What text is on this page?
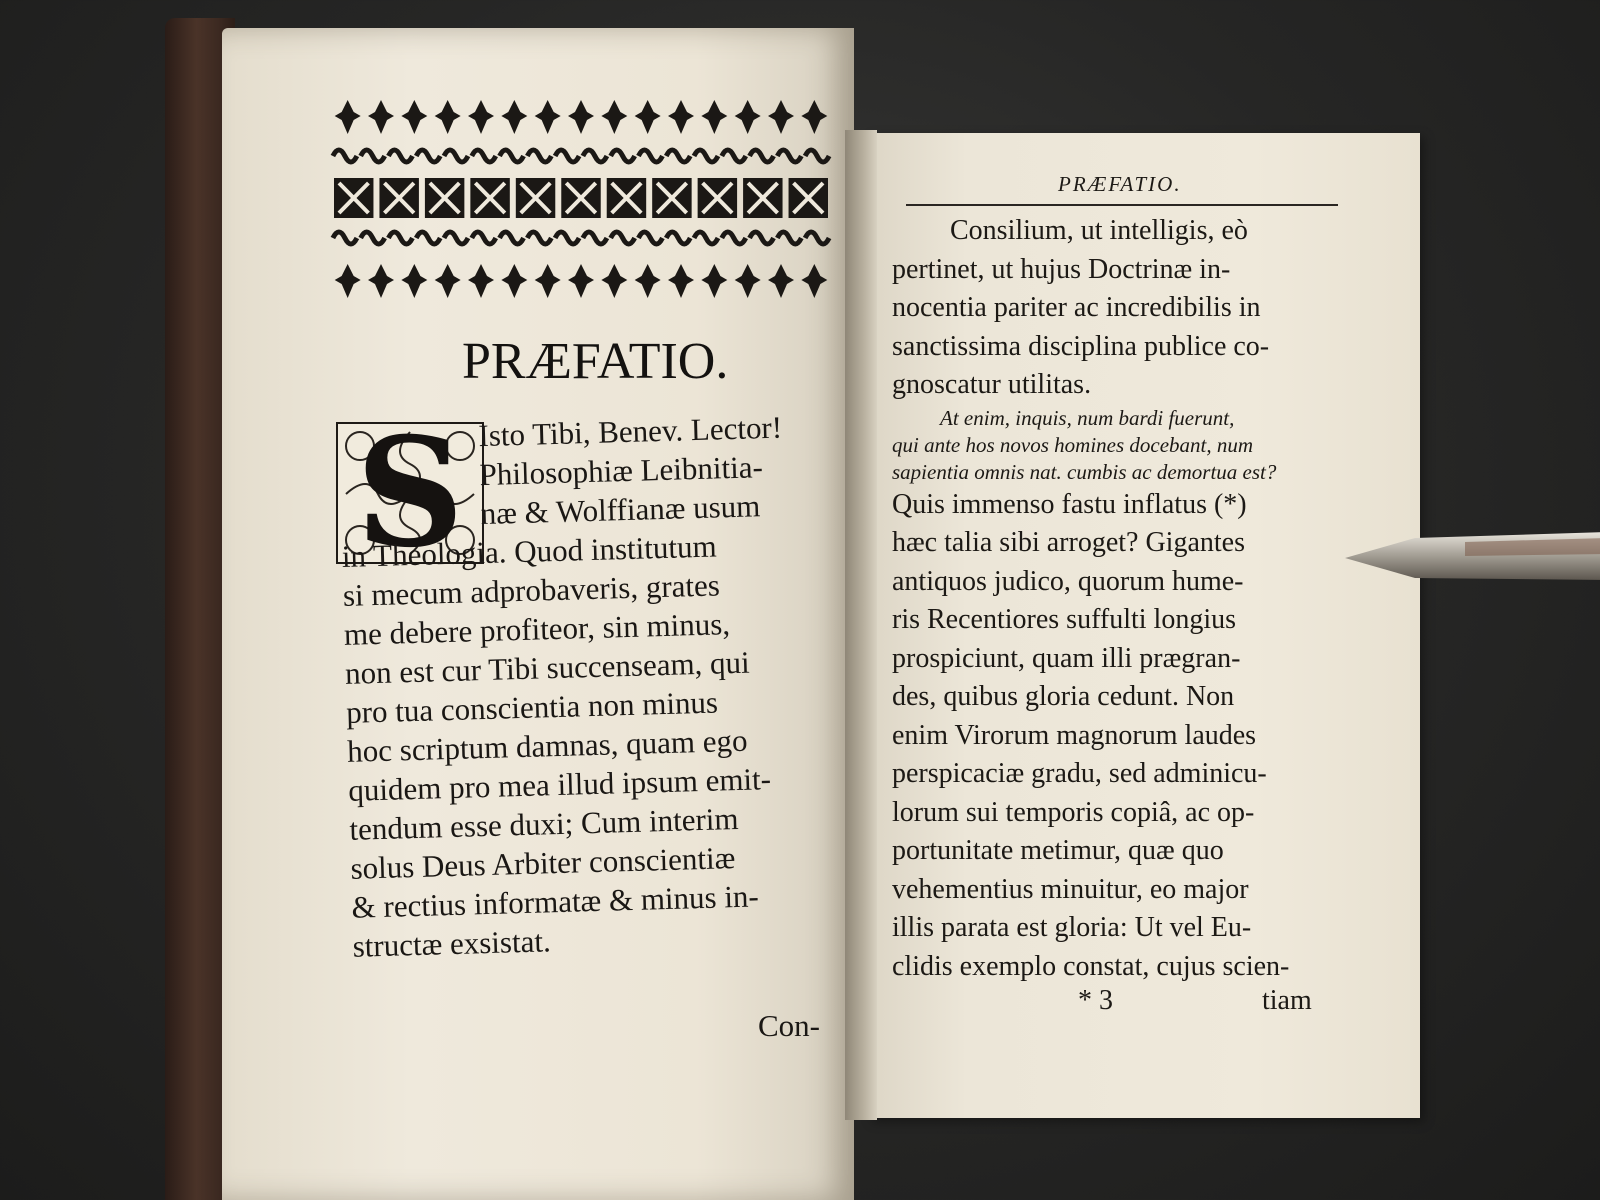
PRÆFATIO.
S Isto Tibi, Benev. Lector!
Philosophiæ Leibnitia-
næ & Wolffianæ usum
in Theologia. Quod institutum
si mecum adprobaveris, grates
me debere profiteor, sin minus,
non est cur Tibi succenseam, qui
pro tua conscientia non minus
hoc scriptum damnas, quam ego
quidem pro mea illud ipsum emit-
tendum esse duxi; Cum interim
solus Deus Arbiter conscientiæ
& rectius informatæ & minus in-
structæ exsistat.
Con-
PRÆFATIO.
Consilium, ut intelligis, eò
pertinet, ut hujus Doctrinæ in-
nocentia pariter ac incredibilis in
sanctissima disciplina publice co-
gnoscatur utilitas.
At enim, inquis, num bardi fuerunt,
qui ante hos novos homines docebant, num
sapientia omnis nat. cumbis ac demortua est?
Quis immenso fastu inflatus (*)
hæc talia sibi arroget? Gigantes
antiquos judico, quorum hume-
ris Recentiores suffulti longius
prospiciunt, quam illi prægran-
des, quibus gloria cedunt. Non
enim Virorum magnorum laudes
perspicaciæ gradu, sed adminicu-
lorum sui temporis copiâ, ac op-
portunitate metimur, quæ quo
vehementius minuitur, eo major
illis parata est gloria: Ut vel Eu-
clidis exemplo constat, cujus scien-
* 3	tiam
